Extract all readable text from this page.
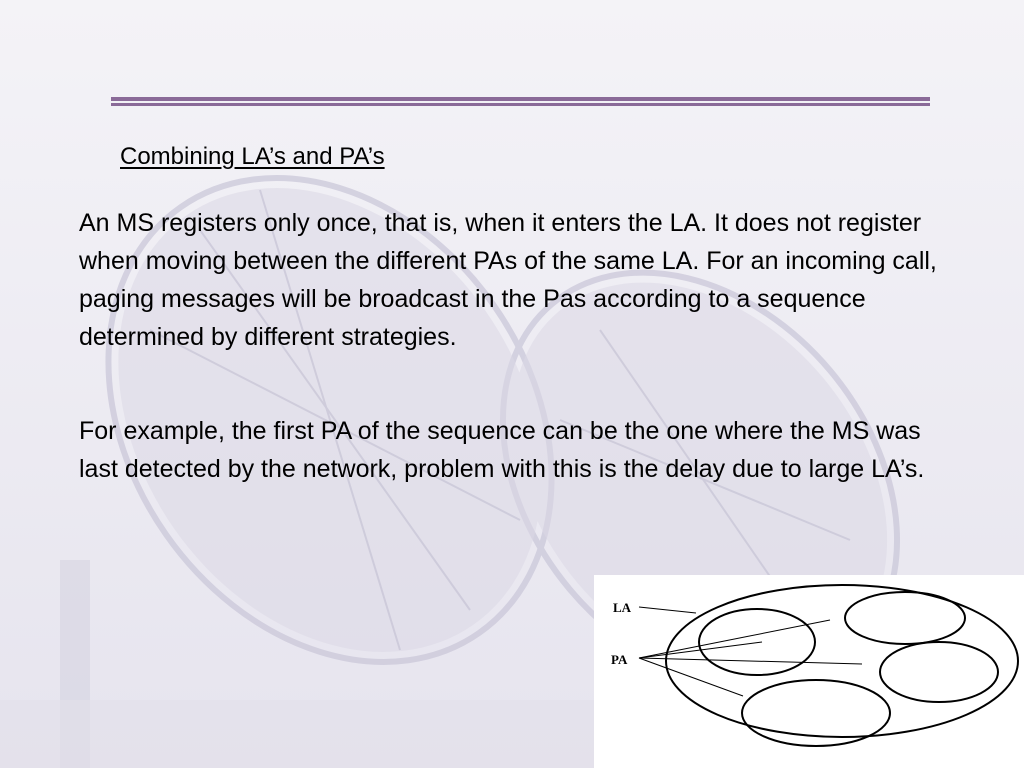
Combining LA’s and PA’s

An MS registers only once, that is, when it enters the LA. It does not register when moving between the different PAs of the same LA. For an incoming call, paging messages will be broadcast in the Pas according to a sequence determined by different strategies.

For example, the first PA of the sequence can be the one where the MS was last detected by the network, problem with this is the delay due to large LA’s.

LA
PA
